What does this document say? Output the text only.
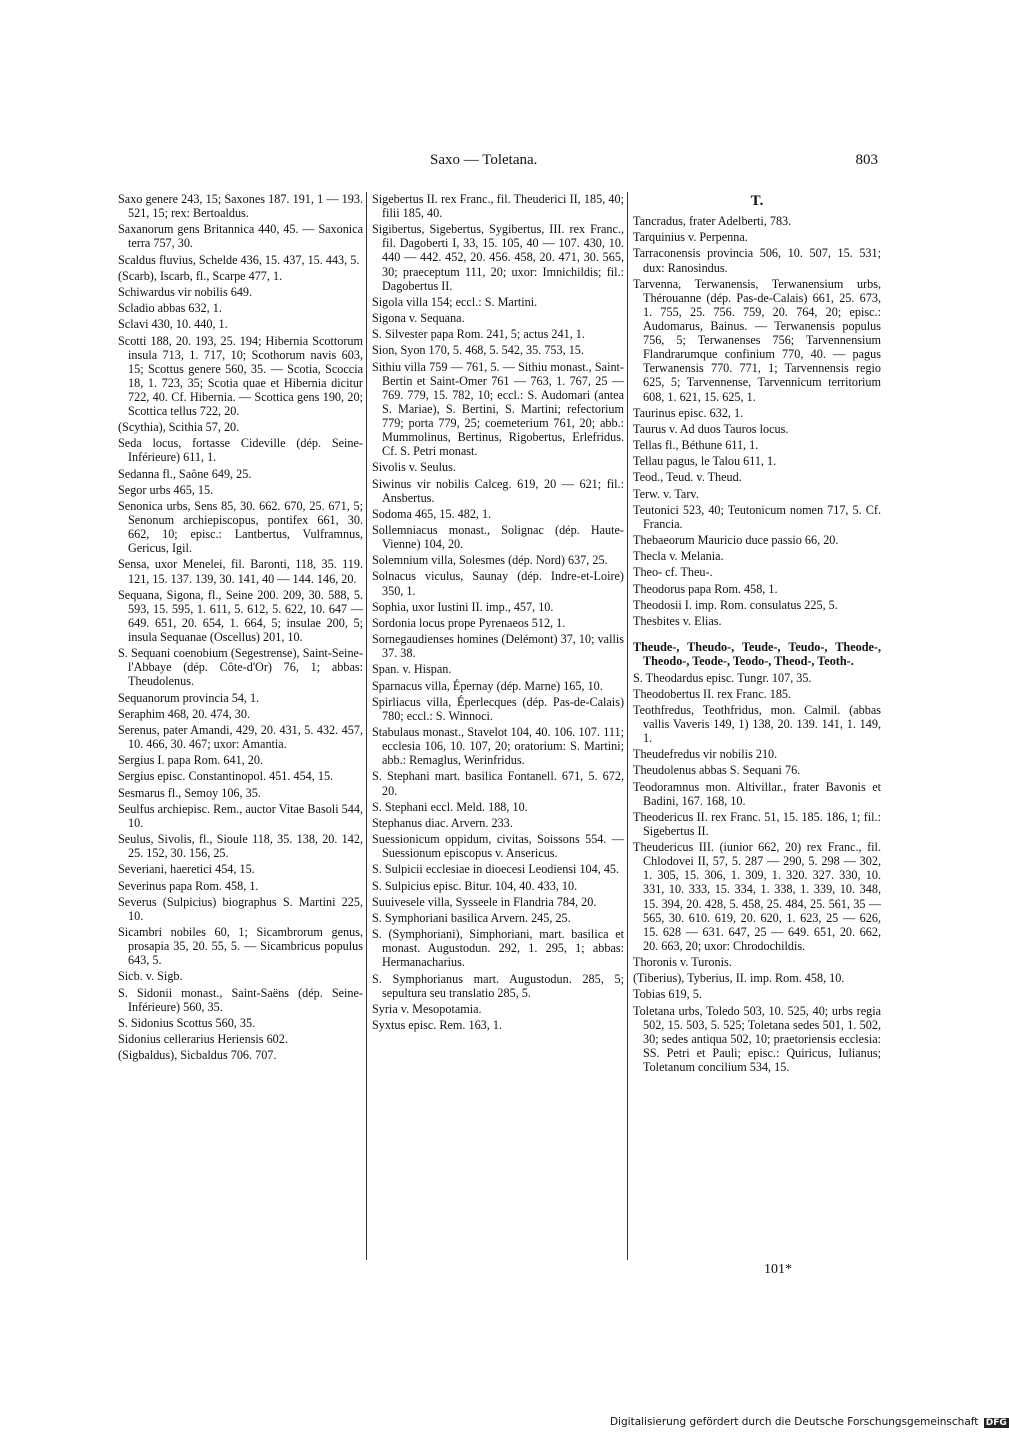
Saxo — Toletana.	803
Saxo genere 243, 15; Saxones 187. 191, 1 — 193. 521, 15; rex: Bertoaldus.
Saxanorum gens Britannica 440, 45. — Saxonica terra 757, 30.
Scaldus fluvius, Schelde 436, 15. 437, 15. 443, 5.
(Scarb), Iscarb, fl., Scarpe 477, 1.
Schiwardus vir nobilis 649.
Scladio abbas 632, 1.
Sclavi 430, 10. 440, 1.
Scotti 188, 20. 193, 25. 194; Hibernia Scottorum insula 713, 1. 717, 10; Scothorum navis 603, 15; Scottus genere 560, 35. — Scotia, Scoccia 18, 1. 723, 35; Scotia quae et Hibernia dicitur 722, 40. Cf. Hibernia. — Scottica gens 190, 20; Scottica tellus 722, 20.
(Scythia), Scithia 57, 20.
Seda locus, fortasse Cideville (dép. Seine-Inférieure) 611, 1.
Sedanna fl., Saône 649, 25.
Segor urbs 465, 15.
Senonica urbs, Sens 85, 30. 662. 670, 25. 671, 5; Senonum archiepiscopus, pontifex 661, 30. 662, 10; episc.: Lantbertus, Vulframnus, Gericus, Igil.
Sensa, uxor Menelei, fil. Baronti, 118, 35. 119. 121, 15. 137. 139, 30. 141, 40 — 144. 146, 20.
Sequana, Sigona, fl., Seine 200. 209, 30. 588, 5. 593, 15. 595, 1. 611, 5. 612, 5. 622, 10. 647 — 649. 651, 20. 654, 1. 664, 5; insulae 200, 5; insula Sequanae (Oscellus) 201, 10.
S. Sequani coenobium (Segestrense), Saint-Seine-l'Abbaye (dép. Côte-d'Or) 76, 1; abbas: Theudolenus.
Sequanorum provincia 54, 1.
Seraphim 468, 20. 474, 30.
Serenus, pater Amandi, 429, 20. 431, 5. 432. 457, 10. 466, 30. 467; uxor: Amantia.
Sergius I. papa Rom. 641, 20.
Sergius episc. Constantinopol. 451. 454, 15.
Sesmarus fl., Semoy 106, 35.
Seulfus archiepisc. Rem., auctor Vitae Basoli 544, 10.
Seulus, Sivolis, fl., Sioule 118, 35. 138, 20. 142, 25. 152, 30. 156, 25.
Severiani, haeretici 454, 15.
Severinus papa Rom. 458, 1.
Severus (Sulpicius) biographus S. Martini 225, 10.
Sicambri nobiles 60, 1; Sicambrorum genus, prosapia 35, 20. 55, 5. — Sicambricus populus 643, 5.
Sicb. v. Sigb.
S. Sidonii monast., Saint-Saëns (dép. Seine-Inférieure) 560, 35.
S. Sidonius Scottus 560, 35.
Sidonius cellerarius Heriensis 602.
(Sigbaldus), Sicbaldus 706. 707.
Sigebertus II. rex Franc., fil. Theuderici II, 185, 40; filii 185, 40.
Sigibertus, Sigebertus, Sygibertus, III. rex Franc., fil. Dagoberti I, 33, 15. 105, 40 — 107. 430, 10. 440 — 442. 452, 20. 456. 458, 20. 471, 30. 565, 30; praeceptum 111, 20; uxor: Imnichildis; fil.: Dagobertus II.
Sigola villa 154; eccl.: S. Martini.
Sigona v. Sequana.
S. Silvester papa Rom. 241, 5; actus 241, 1.
Sion, Syon 170, 5. 468, 5. 542, 35. 753, 15.
Sithiu villa 759 — 761, 5. — Sithiu monast., Saint-Bertin et Saint-Omer 761 — 763, 1. 767, 25 — 769. 779, 15. 782, 10; eccl.: S. Audomari (antea S. Mariae), S. Bertini, S. Martini; refectorium 779; porta 779, 25; coemeterium 761, 20; abb.: Mummolinus, Bertinus, Rigobertus, Erlefridus. Cf. S. Petri monast.
Sivolis v. Seulus.
Siwinus vir nobilis Calceg. 619, 20 — 621; fil.: Ansbertus.
Sodoma 465, 15. 482, 1.
Sollemniacus monast., Solignac (dép. Haute-Vienne) 104, 20.
Solemnium villa, Solesmes (dép. Nord) 637, 25.
Solnacus viculus, Saunay (dép. Indre-et-Loire) 350, 1.
Sophia, uxor Iustini II. imp., 457, 10.
Sordonia locus prope Pyrenaeos 512, 1.
Sornegaudienses homines (Delémont) 37, 10; vallis 37. 38.
Span. v. Hispan.
Sparnacus villa, Épernay (dép. Marne) 165, 10.
Spirliacus villa, Éperlecques (dép. Pas-de-Calais) 780; eccl.: S. Winnoci.
Stabulaus monast., Stavelot 104, 40. 106. 107. 111; ecclesia 106, 10. 107, 20; oratorium: S. Martini; abb.: Remaglus, Werinfridus.
S. Stephani mart. basilica Fontanell. 671, 5. 672, 20.
S. Stephani eccl. Meld. 188, 10.
Stephanus diac. Arvern. 233.
Suessionicum oppidum, civitas, Soissons 554. — Suessionum episcopus v. Ansericus.
S. Sulpicii ecclesiae in dioecesi Leodiensi 104, 45.
S. Sulpicius episc. Bitur. 104, 40. 433, 10.
Suuivesele villa, Sysseele in Flandria 784, 20.
S. Symphoriani basilica Arvern. 245, 25.
S. (Symphoriani), Simphoriani, mart. basilica et monast. Augustodun. 292, 1. 295, 1; abbas: Hermanacharius.
S. Symphorianus mart. Augustodun. 285, 5; sepultura seu translatio 285, 5.
Syria v. Mesopotamia.
Syxtus episc. Rem. 163, 1.
T.
Tancradus, frater Adelberti, 783.
Tarquinius v. Perpenna.
Tarraconensis provincia 506, 10. 507, 15. 531; dux: Ranosindus.
Tarvenna, Terwanensis, Terwanensium urbs, Thérouanne (dép. Pas-de-Calais) 661, 25. 673, 1. 755, 25. 756. 759, 20. 764, 20; episc.: Audomarus, Bainus. — Terwanensis populus 756, 5; Terwanenses 756; Tarvennensium Flandrarumque confinium 770, 40. — pagus Terwanensis 770. 771, 1; Tarvennensis regio 625, 5; Tarvennense, Tarvennicum territorium 608, 1. 621, 15. 625, 1.
Taurinus episc. 632, 1.
Taurus v. Ad duos Tauros locus.
Tellas fl., Béthune 611, 1.
Tellau pagus, le Talou 611, 1.
Teod., Teud. v. Theud.
Terw. v. Tarv.
Teutonici 523, 40; Teutonicum nomen 717, 5. Cf. Francia.
Thebaeorum Mauricio duce passio 66, 20.
Thecla v. Melania.
Theo- cf. Theu-.
Theodorus papa Rom. 458, 1.
Theodosii I. imp. Rom. consulatus 225, 5.
Thesbites v. Elias.
Theude-, Theudo-, Teude-, Teudo-, Theode-, Theodo-, Teode-, Teodo-, Theod-, Teoth-.
S. Theodardus episc. Tungr. 107, 35.
Theodobertus II. rex Franc. 185.
Teothfredus, Teothfridus, mon. Calmil. (abbas vallis Vaveris 149, 1) 138, 20. 139. 141, 1. 149, 1.
Theudefredus vir nobilis 210.
Theudolenus abbas S. Sequani 76.
Teodoramnus mon. Altivillar., frater Bavonis et Badini, 167. 168, 10.
Theodericus II. rex Franc. 51, 15. 185. 186, 1; fil.: Sigebertus II.
Theudericus III. (iunior 662, 20) rex Franc., fil. Chlodovei II, 57, 5. 287 — 290, 5. 298 — 302, 1. 305, 15. 306, 1. 309, 1. 320. 327. 330, 10. 331, 10. 333, 15. 334, 1. 338, 1. 339, 10. 348, 15. 394, 20. 428, 5. 458, 25. 484, 25. 561, 35 — 565, 30. 610. 619, 20. 620, 1. 623, 25 — 626, 15. 628 — 631. 647, 25 — 649. 651, 20. 662, 20. 663, 20; uxor: Chrodochildis.
Thoronis v. Turonis.
(Tiberius), Tyberius, II. imp. Rom. 458, 10.
Tobias 619, 5.
Toletana urbs, Toledo 503, 10. 525, 40; urbs regia 502, 15. 503, 5. 525; Toletana sedes 501, 1. 502, 30; sedes antiqua 502, 10; praetoriensis ecclesia: SS. Petri et Pauli; episc.: Quiricus, Iulianus; Toletanum concilium 534, 15.
101*
Digitalisierung gefördert durch die Deutsche Forschungsgemeinschaft DFG
